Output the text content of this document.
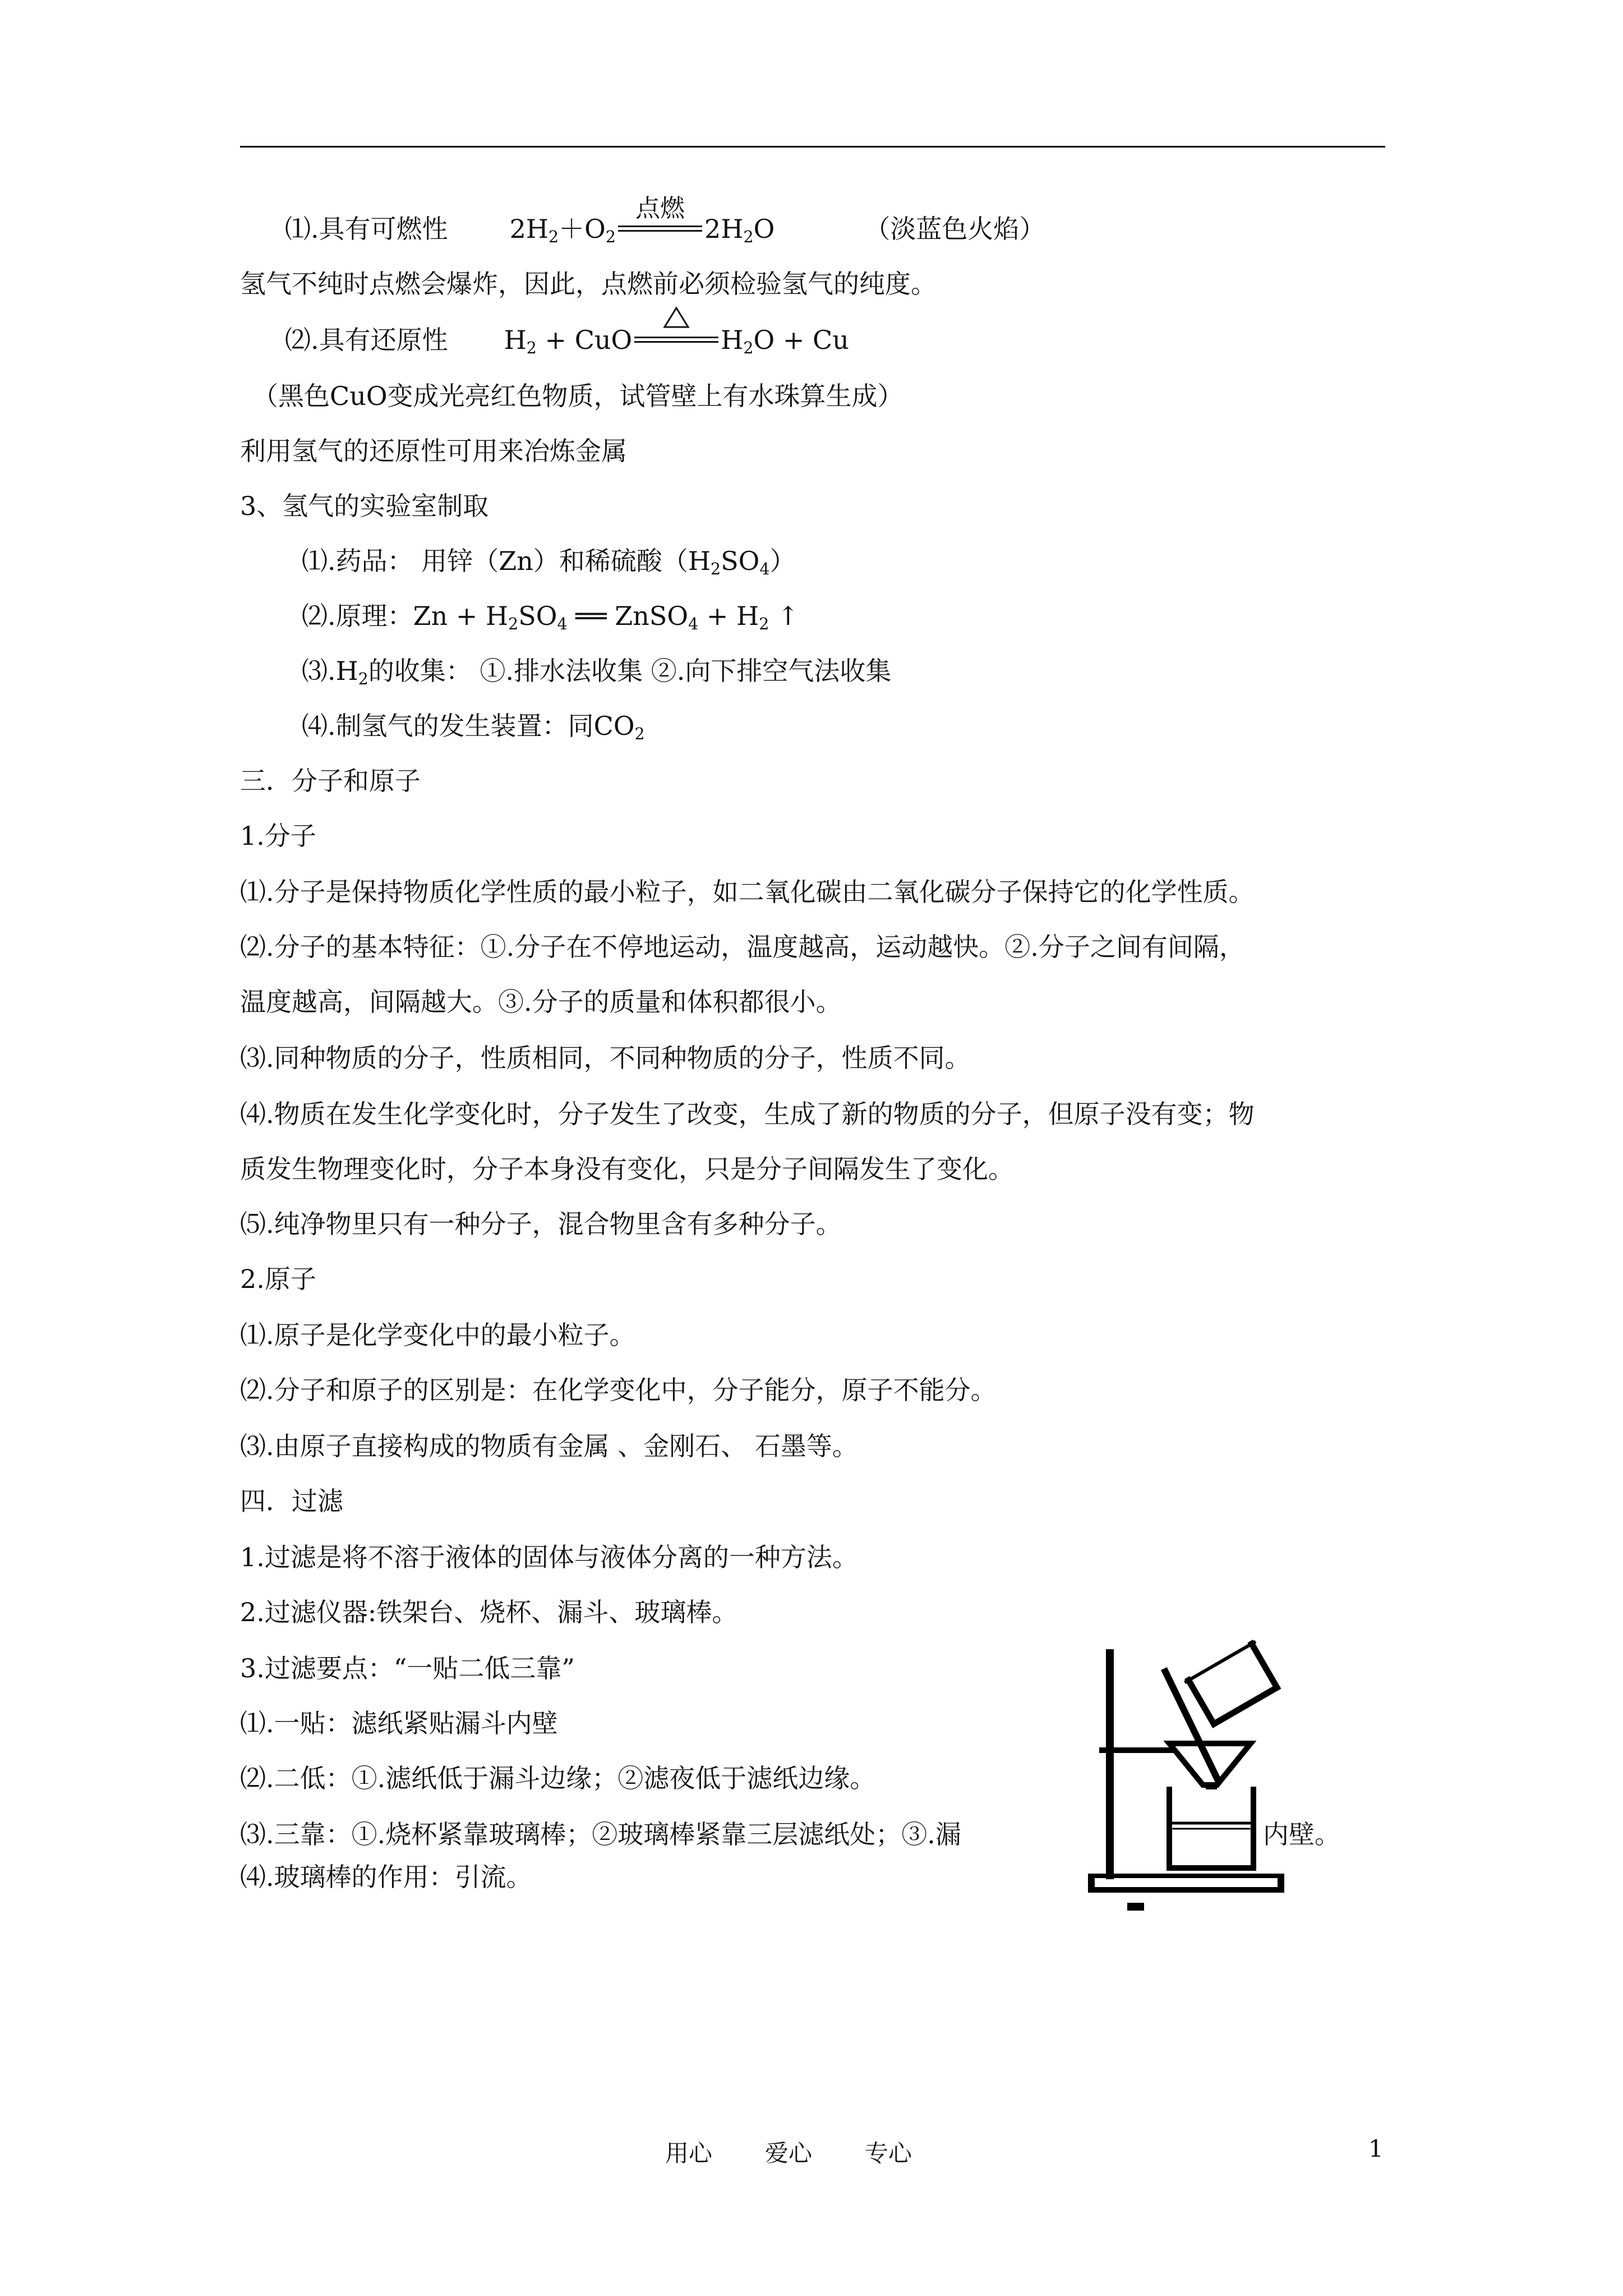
⑴.具有可燃性 $2H_2+O_2$
点燃
$2H_2O$	（淡蓝色火焰）
氢气不纯时点燃会爆炸，因此，点燃前必须检验氢气的纯度。
⑵.具有还原性 $H_2$ + CuO	$H_2O + Cu$
（黑色CuO变成光亮红色物质，试管壁上有水珠算生成）
利用氢气的还原性可用来冶炼金属
3、氢气的实验室制取
⑴.药品： 用锌（Zn）和稀硫酸$(H_2SO_4)$
⑵.原理：$Zn + H_2SO_4$ ══ ZnSO$_4$ + $H_2$ ↑
$⑶.H_2$的收集： ①.排水法收集 ②.向下排空气法收集
⑷.制氢气的发生装置：同$CO_2$
三．分子和原子
1.分子
⑴.分子是保持物质化学性质的最小粒子，如二氧化碳由二氧化碳分子保持它的化学性质。
⑵.分子的基本特征：①.分子在不停地运动，温度越高，运动越快。②.分子之间有间隔，
温度越高，间隔越大。③.分子的质量和体积都很小。
⑶.同种物质的分子，性质相同，不同种物质的分子，性质不同。
⑷.物质在发生化学变化时，分子发生了改变，生成了新的物质的分子，但原子没有变；物
质发生物理变化时，分子本身没有变化，只是分子间隔发生了变化。
⑸.纯净物里只有一种分子，混合物里含有多种分子。
2.原子
⑴.原子是化学变化中的最小粒子。
⑵.分子和原子的区别是：在化学变化中，分子能分，原子不能分。
⑶.由原子直接构成的物质有金属 、金刚石、 石墨等。
四．过滤
1.过滤是将不溶于液体的固体与液体分离的一种方法。
2.过滤仪器:铁架台、烧杯、漏斗、玻璃棒。
3.过滤要点：“一贴二低三靠”
⑴.一贴：滤纸紧贴漏斗内壁
⑵.二低：①.滤纸低于漏斗边缘；②滤夜低于滤纸边缘。
⑶.三靠：①.烧杯紧靠玻璃棒；②玻璃棒紧靠三层滤纸处；③.漏	内壁。
⑷.玻璃棒的作用：引流。
用心 爱心 专心	1
